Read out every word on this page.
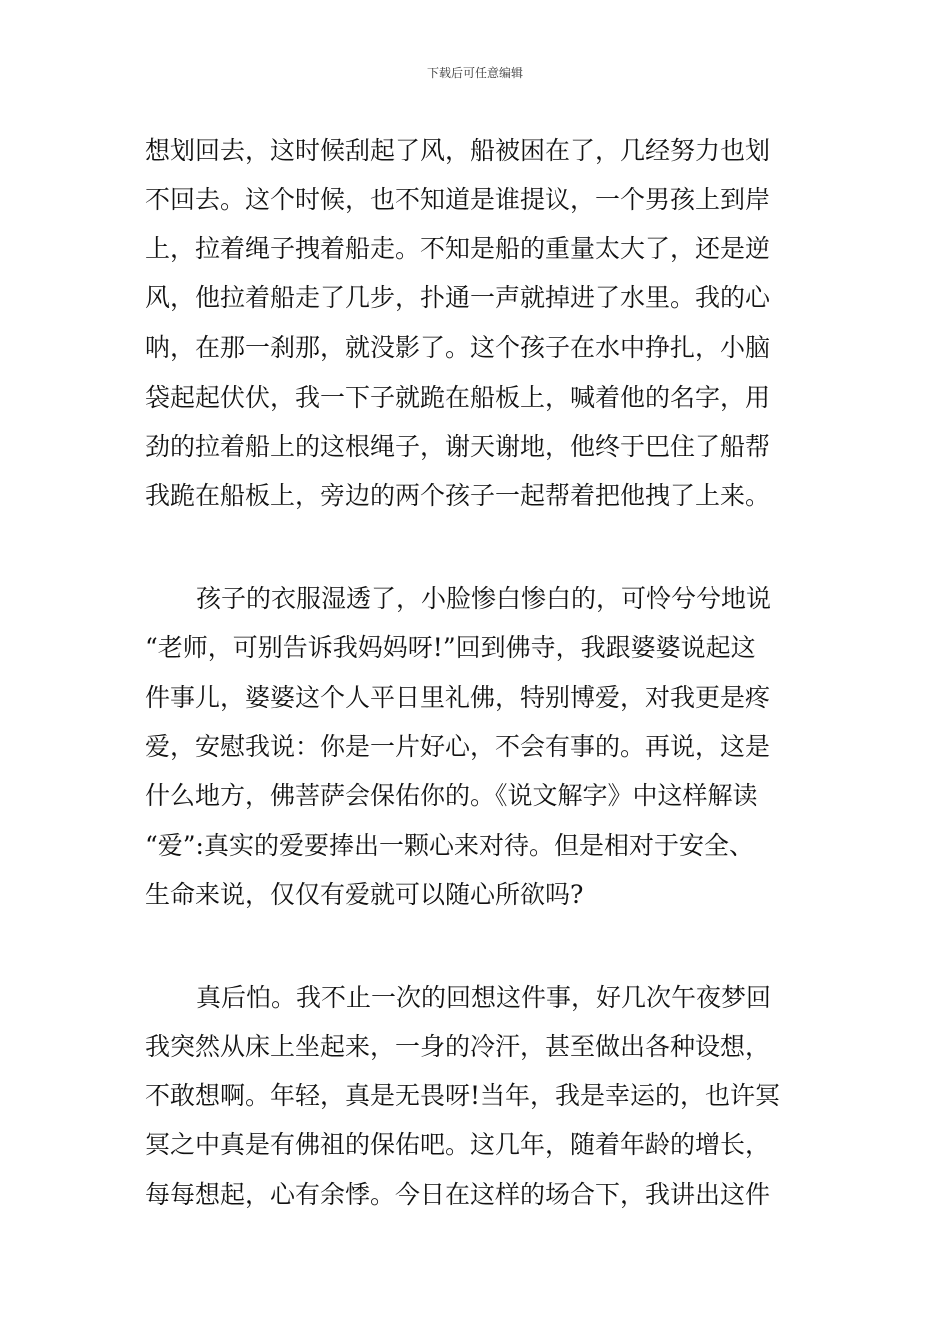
下载后可任意编辑
想划回去，这时候刮起了风，船被困在了，几经努力也划
不回去。这个时候，也不知道是谁提议，一个男孩上到岸
上，拉着绳子拽着船走。不知是船的重量太大了，还是逆
风，他拉着船走了几步，扑通一声就掉进了水里。我的心
呐，在那一刹那，就没影了。这个孩子在水中挣扎，小脑
袋起起伏伏，我一下子就跪在船板上，喊着他的名字，用
劲的拉着船上的这根绳子，谢天谢地，他终于巴住了船帮
我跪在船板上，旁边的两个孩子一起帮着把他拽了上来。
孩子的衣服湿透了，小脸惨白惨白的，可怜兮兮地说
“老师，可别告诉我妈妈呀!”回到佛寺，我跟婆婆说起这
件事儿，婆婆这个人平日里礼佛，特别博爱，对我更是疼
爱，安慰我说：你是一片好心，不会有事的。再说，这是
什么地方，佛菩萨会保佑你的。《说文解字》中这样解读
“爱”:真实的爱要捧出一颗心来对待。但是相对于安全、
生命来说，仅仅有爱就可以随心所欲吗?
真后怕。我不止一次的回想这件事，好几次午夜梦回
我突然从床上坐起来，一身的冷汗，甚至做出各种设想，
不敢想啊。年轻，真是无畏呀!当年，我是幸运的，也许冥
冥之中真是有佛祖的保佑吧。这几年，随着年龄的增长，
每每想起，心有余悸。今日在这样的场合下，我讲出这件
